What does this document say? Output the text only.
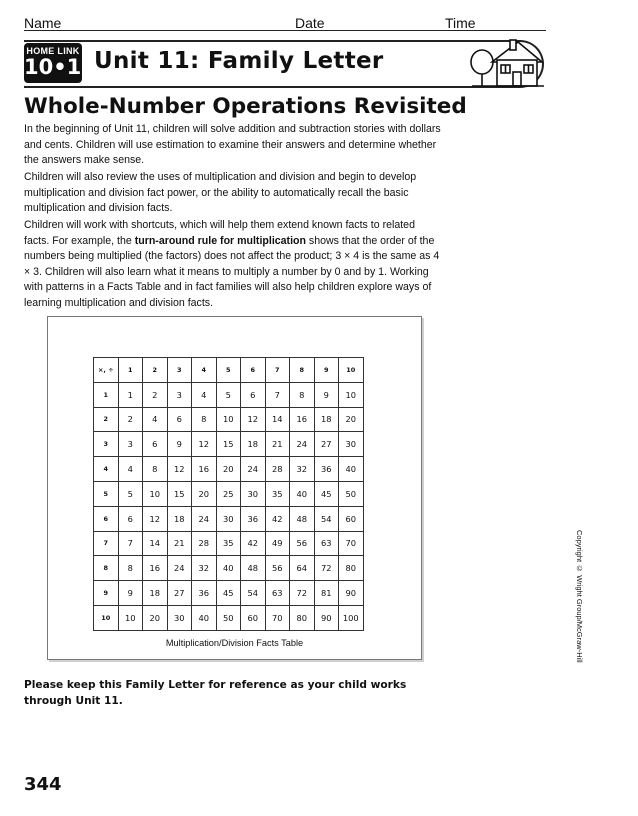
Name	Date	Time
HOME LINK
10•12
Unit 11: Family Letter
Whole-Number Operations Revisited

In the beginning of Unit 11, children will solve addition and subtraction stories with dollars and cents. Children will use estimation to examine their answers and determine whether the answers make sense.

Children will also review the uses of multiplication and division and begin to develop multiplication and division fact power, or the ability to automatically recall the basic multiplication and division facts.

Children will work with shortcuts, which will help them extend known facts to related facts. For example, the turn-around rule for multiplication shows that the order of the numbers being multiplied (the factors) does not affect the product; 3 × 4 is the same as 4 × 3. Children will also learn what it means to multiply a number by 0 and by 1. Working with patterns in a Facts Table and in fact families will also help children explore ways of learning multiplication and division facts.

×, ÷	1	2	3	4	5	6	7	8	9	10
1	1	2	3	4	5	6	7	8	9	10
2	2	4	6	8	10	12	14	16	18	20
3	3	6	9	12	15	18	21	24	27	30
4	4	8	12	16	20	24	28	32	36	40
5	5	10	15	20	25	30	35	40	45	50
6	6	12	18	24	30	36	42	48	54	60
7	7	14	21	28	35	42	49	56	63	70
8	8	16	24	32	40	48	56	64	72	80
9	9	18	27	36	45	54	63	72	81	90
10	10	20	30	40	50	60	70	80	90	100
Multiplication/Division Facts Table
Please keep this Family Letter for reference as your child works through Unit 11.
Copyright © Wright Group/McGraw-Hill
344
